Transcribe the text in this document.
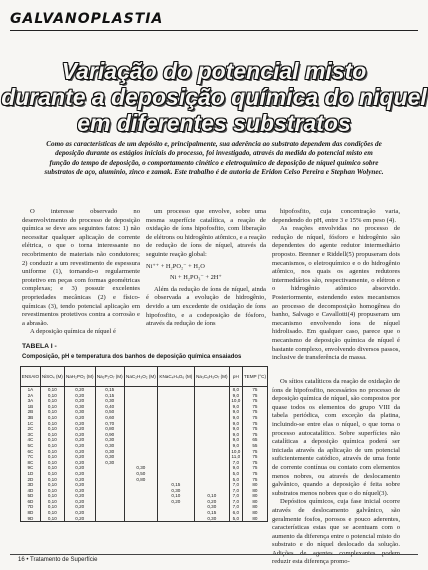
GALVANOPLASTIA
Variação do potencial misto
durante a deposição química do niquel
em diferentes substratos
Como as características de um depósito e, principalmente, sua aderência ao substrato dependem das condições de deposição durante os estágios iniciais do processo, foi investigado, através da medida do potencial misto em função do tempo de deposição, o comportamento cinético e eletroquímico de deposição de níquel químico sobre substratos de aço, alumínio, zinco e zamak. Este trabalho é de autoria de Eridon Celso Pereira e Stephan Wolynec.

O interesse observado no desenvolvimento do processo de deposição química se deve aos seguintes fatos: 1) não necessitar qualquer aplicação de corrente elétrica, o que o torna interessante no recobrimento de materiais não condutores; 2) conduzir a um revestimento de espessura uniforme (1), tornando-o regularmente protetivo em peças com formas geométricas complexas; e 3) possuir excelentes propriedades mecânicas (2) e físico-químicas (3), tendo potencial aplicação em revestimentos protetivos contra a corrosão e a abrasão.

A deposição química de níquel é

um processo que envolve, sobre uma mesma superfície catalítica, a reação de oxidação de íons hipofosfito, com liberação de elétrons ou hidrogênio atômico, e a reação de redução de íons de níquel, através da seguinte reação global:

Ni⁺⁺ + H₂PO₂⁻ + H₂O

Ni + H₂PO₃⁻ + 2H⁺

Além da redução de íons de níquel, ainda é observada a evolução de hidrogênio, devido a um excedente de oxidação de íons hipofosfito, e a codeposição de fósforo, através da redução de íons

hipofosfito, cuja concentração varia, dependendo do pH, entre 3 e 15% em peso (4).

As reações envolvidas no processo de redução de níquel, fósforo e hidrogênio são dependentes do agente redutor intermediário proposto. Brenner e Riddell(5) propuseram dois mecanismos, o eletroquímico e o do hidrogênio atômico, nos quais os agentes redutores intermediários são, respectivamente, o elétron e o hidrogênio atômico absorvido. Posteriormente, estendendo estes mecanismos ao processo de decomposição homogênea do banho, Salvago e Cavallotti(4) propuseram um mecanismo envolvendo íons de níquel hidrolisado. Em qualquer caso, parece que o mecanismo de deposição química de níquel é bastante complexo, envolvendo diversos passos, inclusive de transferência de massa.

Os sítios catalíticos da reação de oxidação de íons de hipofosfito, necessários no processo de deposição química de níquel, são compostos por quase todos os elementos do grupo VIII da tabela periódica, com exceção da platina, incluindo-se entre elas o níquel, o que torna o processo autocatalítico. Sobre superfícies não catalíticas a deposição química poderá ser iniciada através da aplicação de um potencial suficientemente catódico, através de uma fonte de corrente contínua ou contato com elementos menos nobres, ou através de deslocamento galvânico, quando a deposição é feita sobre substratos menos nobres que o do níquel(3).

Depósitos químicos, cuja fase inicial ocorre através de deslocamento galvânico, são geralmente fosfos, porosos e pouco aderentes, características estas que se acentuam com o aumento da diferença entre o potencial misto do substrato e do níquel deslocado da solução. Adições de agentes complexantes podem reduzir esta diferença promo-

TABELA I -
Composição, pH e temperatura dos banhos de deposição química ensaiados
ENSAIO	NiSO₄ (M)	NaH₂PO₂ (M)	Na₂P₂O₇ (M)	NaC₂H₃O₂ (M)	KNaC₄H₄O₆ (M)	Na₃C₆H₅O₇ (M)	pH	TEMP (°C)
1A	0,10	0,20	0,15				8,0	75
2A	0,10	0,20	0,15				9,0	75
3A	0,10	0,20	0,30				10,0	75
1B	0,10	0,30	0,40				9,0	75
2B	0,10	0,30	0,50				9,0	75
3B	0,10	0,20	0,60				9,0	75
1C	0,10	0,20	0,70				9,0	75
2C	0,10	0,20	0,80				9,0	75
3C	0,10	0,20	0,90				9,0	75
4C	0,10	0,20	0,30				9,0	65
5C	0,10	0,20	0,30				9,0	55
6C	0,10	0,20	0,30				10,0	75
7C	0,10	0,20	0,30				11,0	75
8C	0,10	0,20	0,30				7,0	75
9C	0,10	0,20		0,30			9,0	75
1D	0,10	0,20		0,50			5,0	75
2D	0,10	0,20		0,80			5,0	75
3D	0,10	0,20			0,15		7,0	80
4D	0,10	0,20			0,30		7,0	80
5D	0,10	0,20			0,10	0,10	7,0	80
6D	0,10	0,20			0,20	0,20	7,0	80
7D	0,10	0,20				0,30	7,0	80
8D	0,10	0,20				0,15	6,0	80
9D	0,10	0,20				0,30	5,0	80
16 • Tratamento de Superfície
